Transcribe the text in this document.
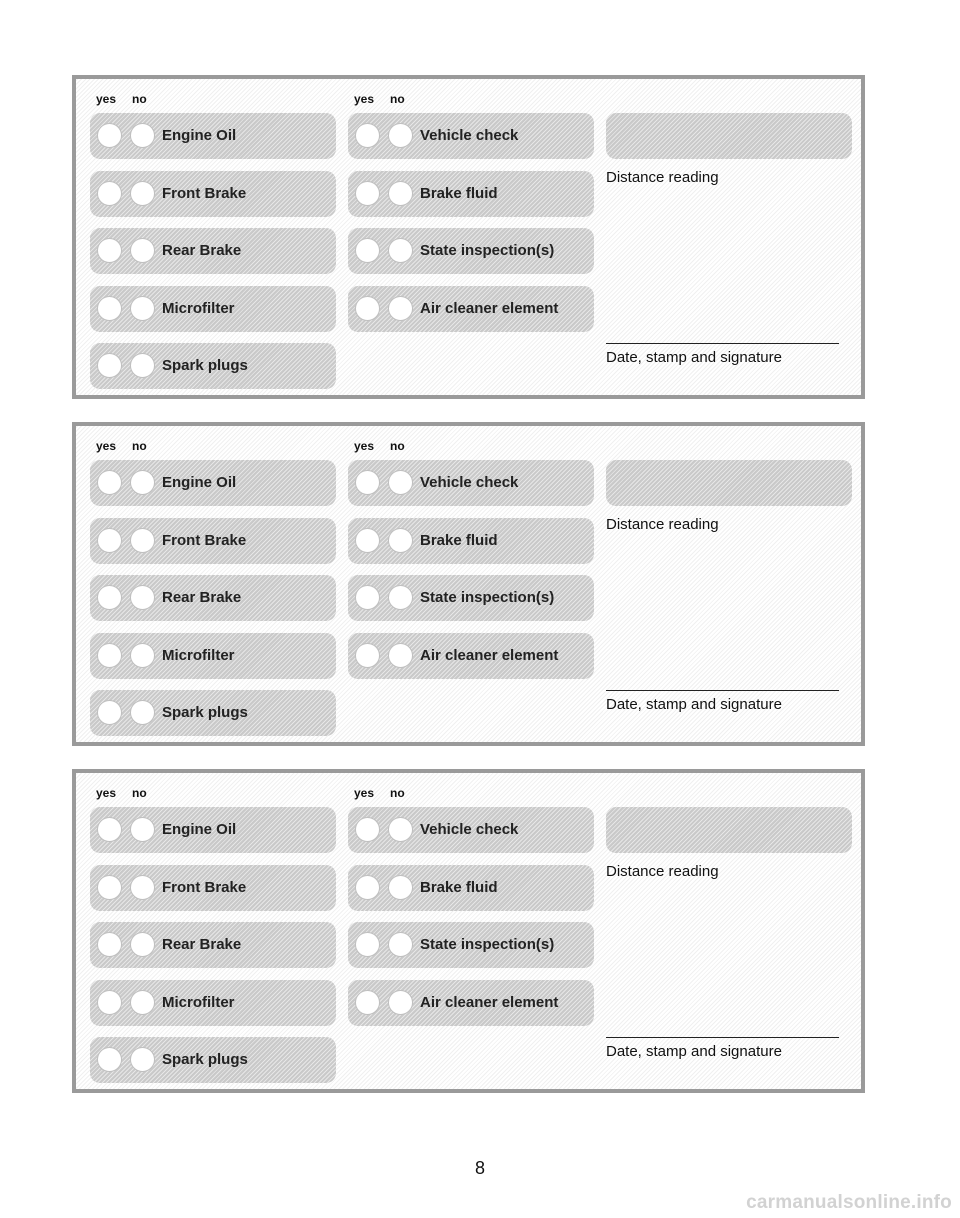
yes no	yes no
Engine Oil
Front Brake
Rear Brake
Microfilter
Spark plugs
Vehicle check
Brake fluid
State inspection(s)
Air cleaner element
Distance reading
Date, stamp and signature
yes no	yes no
Engine Oil
Front Brake
Rear Brake
Microfilter
Spark plugs
Vehicle check
Brake fluid
State inspection(s)
Air cleaner element
Distance reading
Date, stamp and signature
yes no	yes no
Engine Oil
Front Brake
Rear Brake
Microfilter
Spark plugs
Vehicle check
Brake fluid
State inspection(s)
Air cleaner element
Distance reading
Date, stamp and signature
8
carmanualsonline.info
